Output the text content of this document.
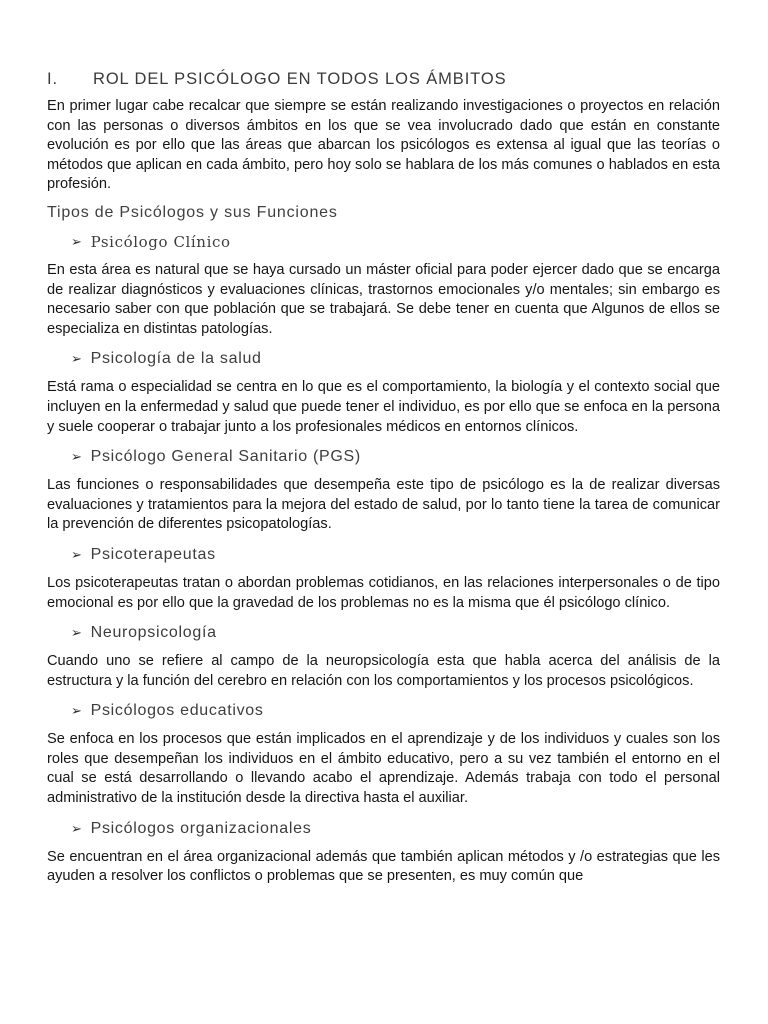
I.	ROL DEL PSICÓLOGO EN TODOS LOS ÁMBITOS

En primer lugar cabe recalcar que siempre se están realizando investigaciones o proyectos en relación con las personas o diversos ámbitos en los que se vea involucrado dado que están en constante evolución es por ello que las áreas que abarcan los psicólogos es extensa al igual que las teorías o métodos que aplican en cada ámbito, pero hoy solo se hablara de los más comunes o hablados en esta profesión.

Tipos de Psicólogos y sus Funciones
➢ Psicólogo Clínico

En esta área es natural que se haya cursado un máster oficial para poder ejercer dado que se encarga de realizar diagnósticos y evaluaciones clínicas, trastornos emocionales y/o mentales; sin embargo es necesario saber con que población que se trabajará. Se debe tener en cuenta que Algunos de ellos se especializa en distintas patologías.

➢ Psicología de la salud

Está rama o especialidad se centra en lo que es el comportamiento, la biología y el contexto social que incluyen en la enfermedad y salud que puede tener el individuo, es por ello que se enfoca en la persona y suele cooperar o trabajar junto a los profesionales médicos en entornos clínicos.

➢ Psicólogo General Sanitario (PGS)

Las funciones o responsabilidades que desempeña este tipo de psicólogo es la de realizar diversas evaluaciones y tratamientos para la mejora del estado de salud, por lo tanto tiene la tarea de comunicar la prevención de diferentes psicopatologías.

➢ Psicoterapeutas

Los psicoterapeutas tratan o abordan problemas cotidianos, en las relaciones interpersonales o de tipo emocional es por ello que la gravedad de los problemas no es la misma que él psicólogo clínico.

➢ Neuropsicología

Cuando uno se refiere al campo de la neuropsicología esta que habla acerca del análisis de la estructura y la función del cerebro en relación con los comportamientos y los procesos psicológicos.

➢ Psicólogos educativos

Se enfoca en los procesos que están implicados en el aprendizaje y de los individuos y cuales son los roles que desempeñan los individuos en el ámbito educativo, pero a su vez también el entorno en el cual se está desarrollando o llevando acabo el aprendizaje. Además trabaja con todo el personal administrativo de la institución desde la directiva hasta el auxiliar.

➢ Psicólogos organizacionales

Se encuentran en el área organizacional además que también aplican métodos y /o estrategias que les ayuden a resolver los conflictos o problemas que se presenten, es muy común que
